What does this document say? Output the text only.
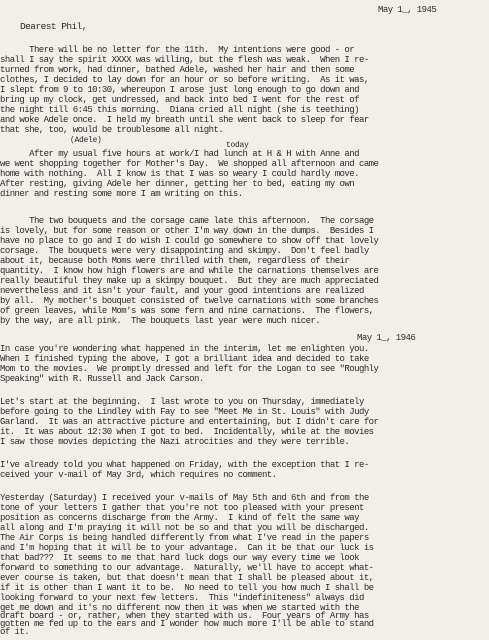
May 1_, 1945

Dearest Phil,

There will be no letter for the 11th.  My intentions were good - or

shall I say the spirit XXXX was willing, but the flesh was weak.  When I re-

turned from work, had dinner, bathed Adele, washed her hair and then some

clothes, I decided to lay down for an hour or so before writing.  As it was,

I slept from 9 to 10:30, whereupon I arose just long enough to go down and

bring up my clock, get undressed, and back into bed I went for the rest of

the night till 6:45 this morning.  Diana cried all night (she is teething)

and woke Adele once.  I held my breath until she went back to sleep for fear

that she, too, would be troublesome all night.

(Adele)

today

After my usual five hours at work/I had lunch at H & H with Anne and

we went shopping together for Mother's Day.  We shopped all afternoon and came

home with nothing.  All I know is that I was so weary I could hardly move.

After resting, giving Adele her dinner, getting her to bed, eating my own

dinner and resting some more I am writing on this.

The two bouquets and the corsage came late this afternoon.  The corsage

is lovely, but for some reason or other I'm way down in the dumps.  Besides I

have no place to go and I do wish I could go somewhere to show off that lovely

corsage.  The bouquets were very disappointing and skimpy.  Don't feel badly

about it, because both Moms were thrilled with them, regardless of their

quantity.  I know how high flowers are and while the carnations themselves are

really beautiful they make up a skimpy bouquet.  But they are much appreciated

nevertheless and it isn't your fault, and your good intentions are realized

by all.  My mother's bouquet consisted of twelve carnations with some branches

of green leaves, while Mom's was some fern and nine carnations.  The flowers,

by the way, are all pink.  The bouquets last year were much nicer.

May 1_, 1946

In case you're wondering what happened in the interim, let me enlighten you.

When I finished typing the above, I got a brilliant idea and decided to take

Mom to the movies.  We promptly dressed and left for the Logan to see "Roughly

Speaking" with R. Russell and Jack Carson.

Let's start at the beginning.  I last wrote to you on Thursday, immediately

before going to the Lindley with Fay to see "Meet Me in St. Louis" with Judy

Garland.  It was an attractive picture and entertaining, but I didn't care for

it.  It was about 12:30 when I got to bed.  Incidentally, while at the movies

I saw those movies depicting the Nazi atrocities and they were terrible.

I've already told you what happened on Friday, with the exception that I re-

ceived your v-mail of May 3rd, which requires no comment.

Yesterday (Saturday) I received your v-mails of May 5th and 6th and from the

tone of your letters I gather that you're not too pleased with your present

position as concerns discharge from the Army.  I kind of felt the same way

all along and I'm praying it will not be so and that you will be discharged.

The Air Corps is being handled differently from what I've read in the papers

and I'm hoping that it will be to your advantage.  Can it be that our luck is

that bad???  It seems to me that hard luck dogs our way every time we look

forward to something to our advantage.  Naturally, we'll have to accept what-

ever course is taken, but that doesn't mean that I shall be pleased about it,

if it is other than I want it to be.  No need to tell you how much I shall be

looking forward to your next few letters.  This "indefiniteness" always did

get me down and it's no different now then it was when we started with the

draft board - or, rather, when they started with us.  Four years of Army has

gotten me fed up to the ears and I wonder how much more I'll be able to stand

of it.
